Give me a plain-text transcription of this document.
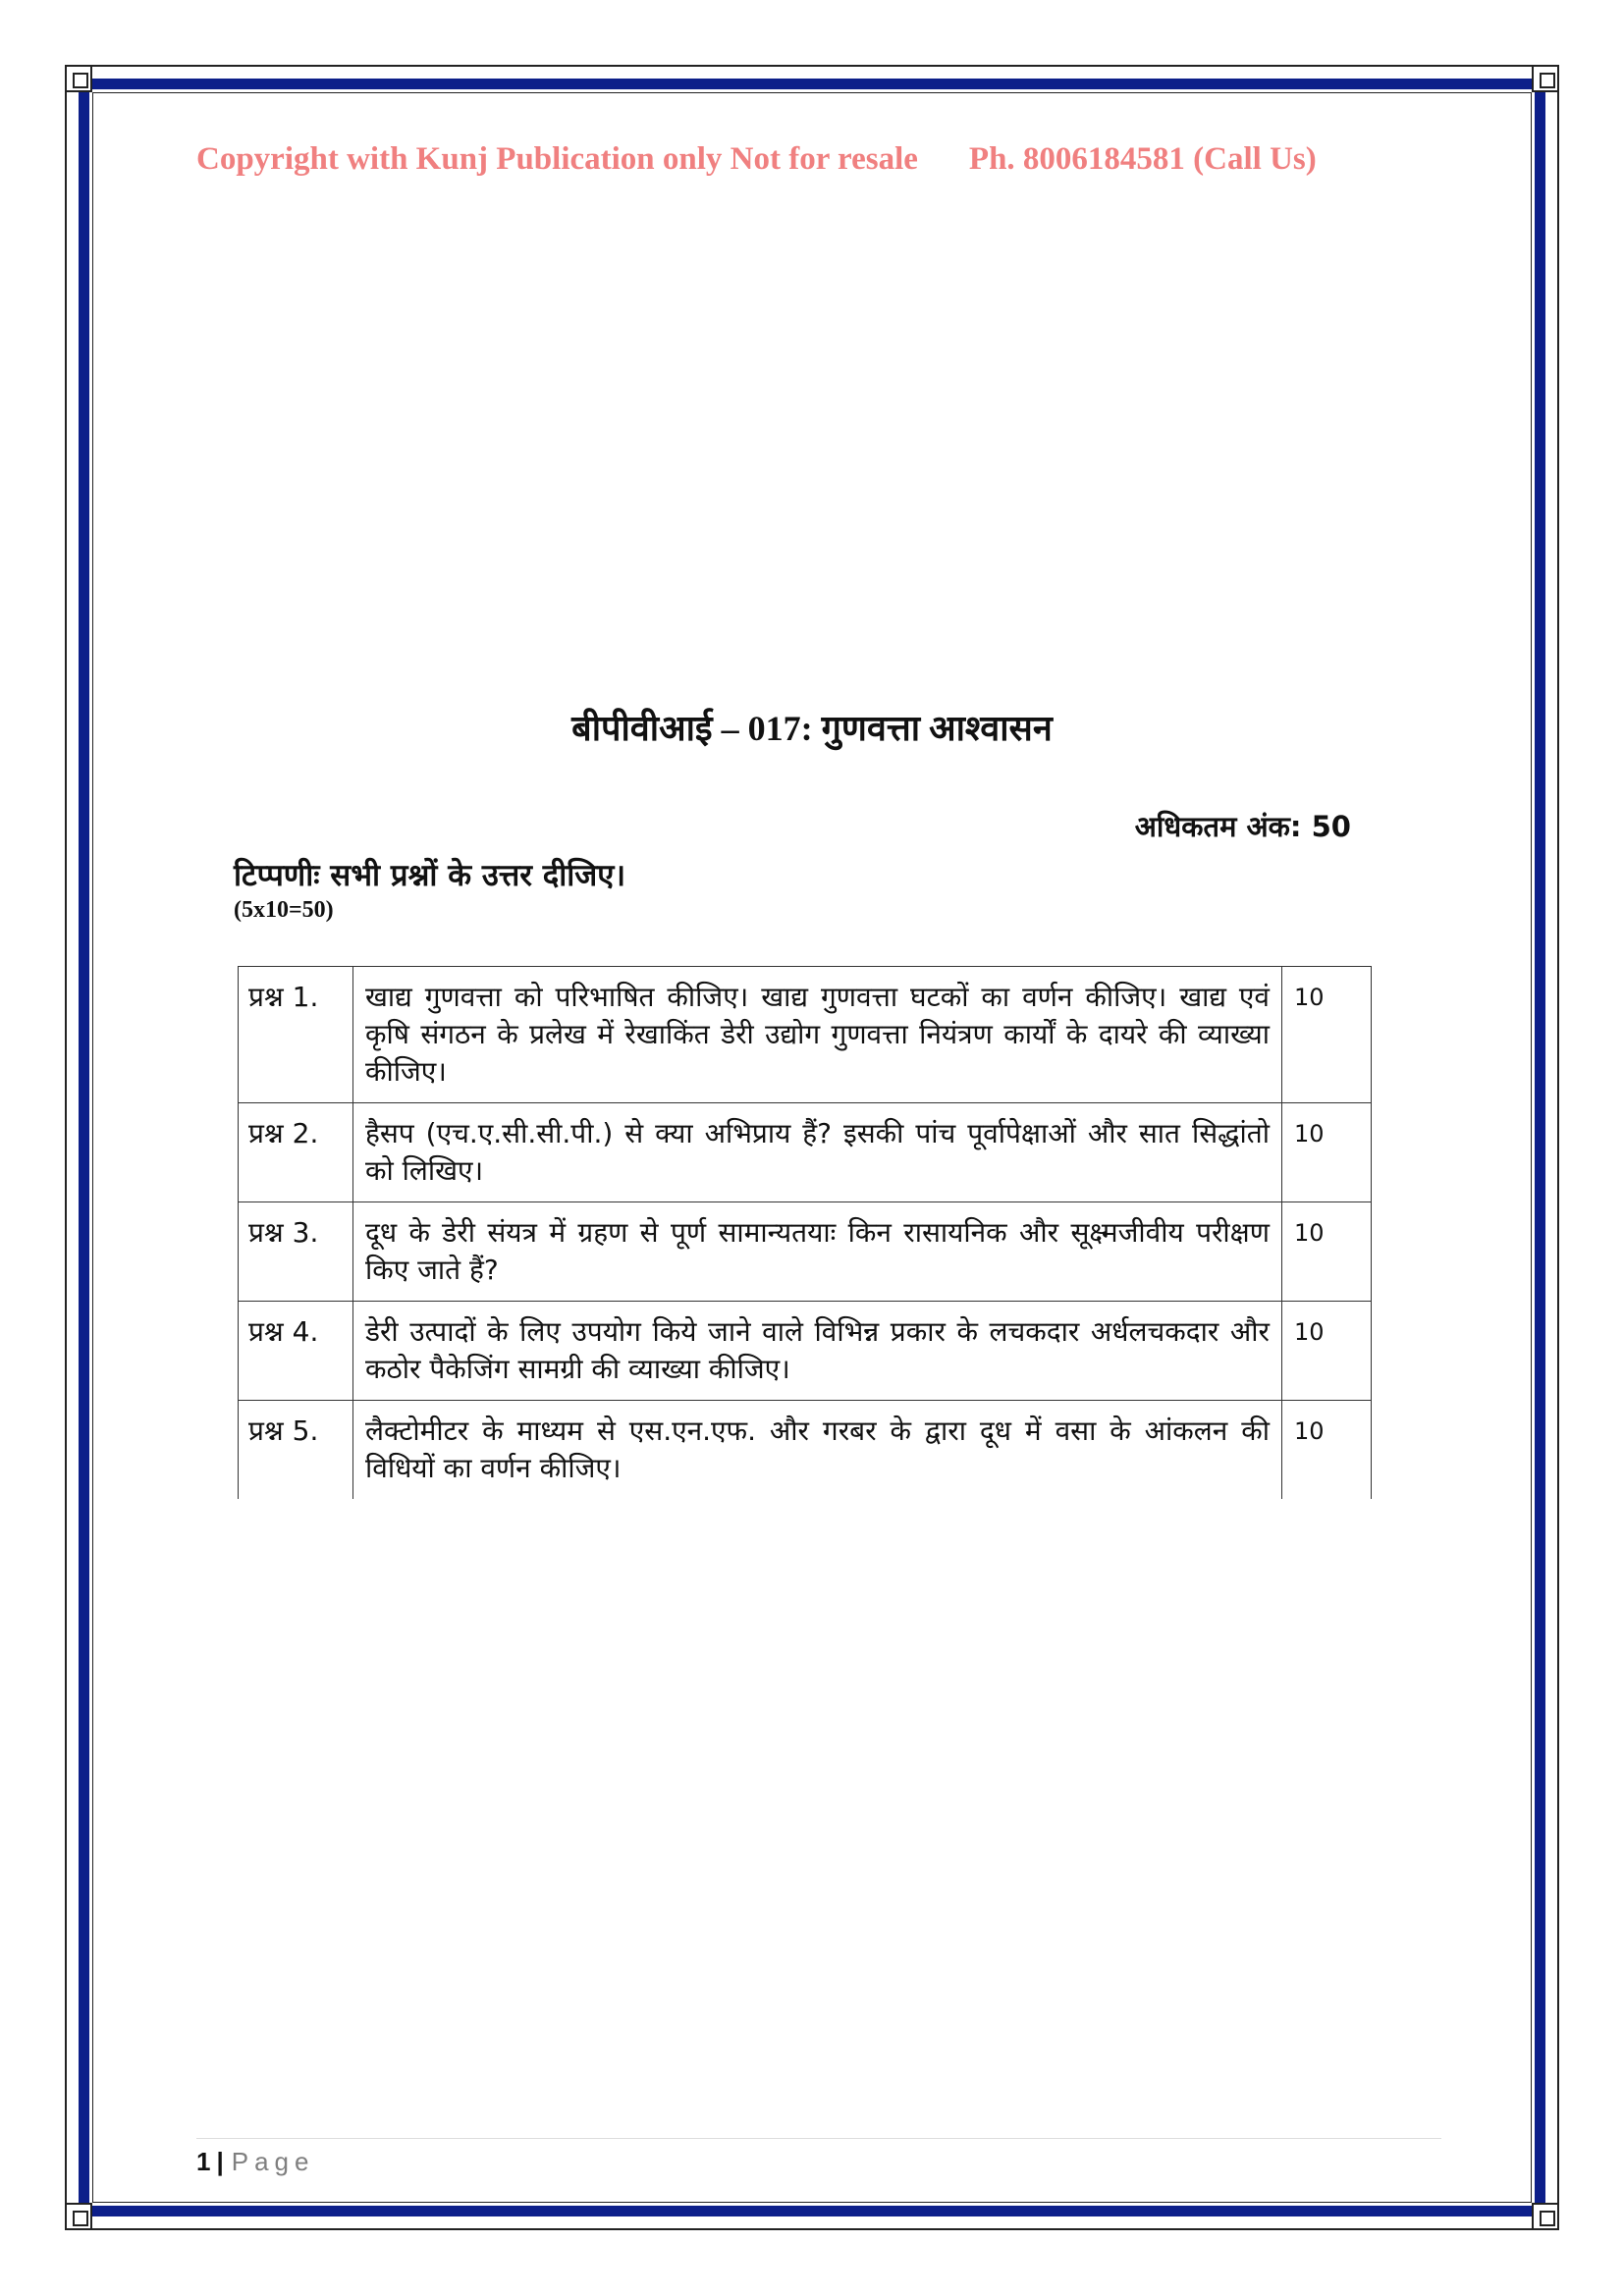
Copyright with Kunj Publication only Not for resale Ph. 8006184581 (Call Us)
बीपीवीआई – 017: गुणवत्ता आश्वासन
अधिकतम अंक: 50
टिप्पणीः सभी प्रश्नों के उत्तर दीजिए।
(5x10=50)
प्रश्न 1.	खाद्य गुणवत्ता को परिभाषित कीजिए। खाद्य गुणवत्ता घटकों का वर्णन कीजिए। खाद्य एवं कृषि संगठन के प्रलेख में रेखाकिंत डेरी उद्योग गुणवत्ता नियंत्रण कार्यों के दायरे की व्याख्या कीजिए।	10
प्रश्न 2.	हैसप (एच.ए.सी.सी.पी.) से क्या अभिप्राय हैं? इसकी पांच पूर्वापेक्षाओं और सात सिद्धांतो को लिखिए।	10
प्रश्न 3.	दूध के डेरी संयत्र में ग्रहण से पूर्ण सामान्यतयाः किन रासायनिक और सूक्ष्मजीवीय परीक्षण किए जाते हैं?	10
प्रश्न 4.	डेरी उत्पादों के लिए उपयोग किये जाने वाले विभिन्न प्रकार के लचकदार अर्धलचकदार और कठोर पैकेजिंग सामग्री की व्याख्या कीजिए।	10
प्रश्न 5.	लैक्टोमीटर के माध्यम से एस.एन.एफ. और गरबर के द्वारा दूध में वसा के आंकलन की विधियों का वर्णन कीजिए।	10
1 | Page
